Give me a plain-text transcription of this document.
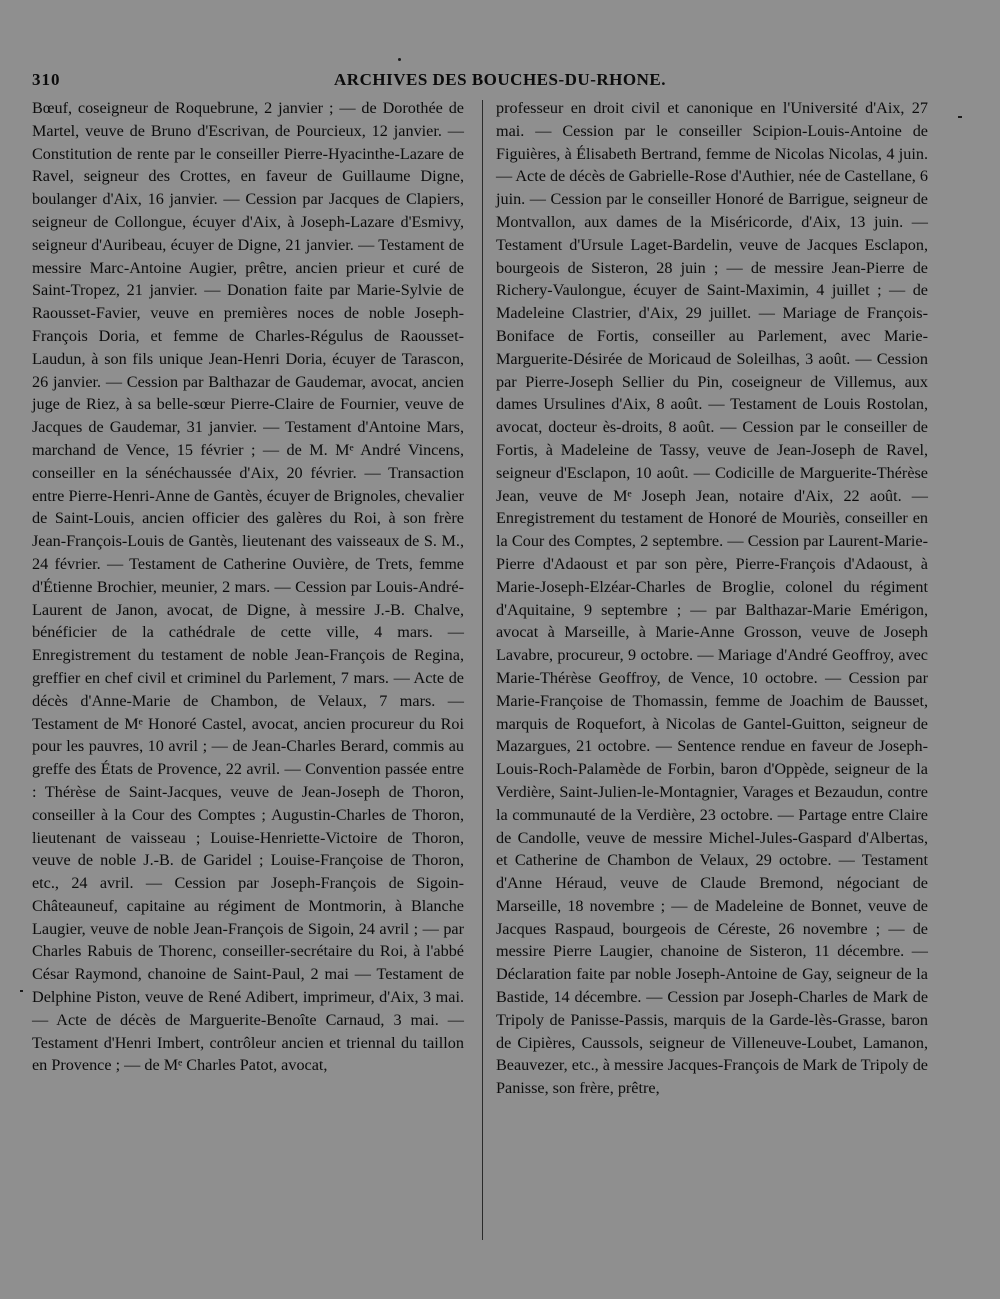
310	ARCHIVES DES BOUCHES-DU-RHONE.

Bœuf, coseigneur de Roquebrune, 2 janvier ; — de Dorothée de Martel, veuve de Bruno d'Escrivan, de Pourcieux, 12 janvier. — Constitution de rente par le conseiller Pierre-Hyacinthe-Lazare de Ravel, seigneur des Crottes, en faveur de Guillaume Digne, boulanger d'Aix, 16 janvier. — Cession par Jacques de Clapiers, seigneur de Collongue, écuyer d'Aix, à Joseph-Lazare d'Esmivy, seigneur d'Auribeau, écuyer de Digne, 21 janvier. — Testament de messire Marc-Antoine Augier, prêtre, ancien prieur et curé de Saint-Tropez, 21 janvier. — Donation faite par Marie-Sylvie de Raousset-Favier, veuve en premières noces de noble Joseph-François Doria, et femme de Charles-Régulus de Raousset-Laudun, à son fils unique Jean-Henri Doria, écuyer de Tarascon, 26 janvier. — Cession par Balthazar de Gaudemar, avocat, ancien juge de Riez, à sa belle-sœur Pierre-Claire de Fournier, veuve de Jacques de Gaudemar, 31 janvier. — Testament d'Antoine Mars, marchand de Vence, 15 février ; — de M. Mᵉ André Vincens, conseiller en la sénéchaussée d'Aix, 20 février. — Transaction entre Pierre-Henri-Anne de Gantès, écuyer de Brignoles, chevalier de Saint-Louis, ancien officier des galères du Roi, à son frère Jean-François-Louis de Gantès, lieutenant des vaisseaux de S. M., 24 février. — Testament de Catherine Ouvière, de Trets, femme d'Étienne Brochier, meunier, 2 mars. — Cession par Louis-André-Laurent de Janon, avocat, de Digne, à messire J.-B. Chalve, bénéficier de la cathédrale de cette ville, 4 mars. — Enregistrement du testament de noble Jean-François de Regina, greffier en chef civil et criminel du Parlement, 7 mars. — Acte de décès d'Anne-Marie de Chambon, de Velaux, 7 mars. — Testament de Mᵉ Honoré Castel, avocat, ancien procureur du Roi pour les pauvres, 10 avril ; — de Jean-Charles Berard, commis au greffe des États de Provence, 22 avril. — Convention passée entre : Thérèse de Saint-Jacques, veuve de Jean-Joseph de Thoron, conseiller à la Cour des Comptes ; Augustin-Charles de Thoron, lieutenant de vaisseau ; Louise-Henriette-Victoire de Thoron, veuve de noble J.-B. de Garidel ; Louise-Françoise de Thoron, etc., 24 avril. — Cession par Joseph-François de Sigoin-Châteauneuf, capitaine au régiment de Montmorin, à Blanche Laugier, veuve de noble Jean-François de Sigoin, 24 avril ; — par Charles Rabuis de Thorenc, conseiller-secrétaire du Roi, à l'abbé César Raymond, chanoine de Saint-Paul, 2 mai — Testament de Delphine Piston, veuve de René Adibert, imprimeur, d'Aix, 3 mai. — Acte de décès de Marguerite-Benoîte Carnaud, 3 mai. — Testament d'Henri Imbert, contrôleur ancien et triennal du taillon en Provence ; — de Mᵉ Charles Patot, avocat,

professeur en droit civil et canonique en l'Université d'Aix, 27 mai. — Cession par le conseiller Scipion-Louis-Antoine de Figuières, à Élisabeth Bertrand, femme de Nicolas Nicolas, 4 juin. — Acte de décès de Gabrielle-Rose d'Authier, née de Castellane, 6 juin. — Cession par le conseiller Honoré de Barrigue, seigneur de Montvallon, aux dames de la Miséricorde, d'Aix, 13 juin. — Testament d'Ursule Laget-Bardelin, veuve de Jacques Esclapon, bourgeois de Sisteron, 28 juin ; — de messire Jean-Pierre de Richery-Vaulongue, écuyer de Saint-Maximin, 4 juillet ; — de Madeleine Clastrier, d'Aix, 29 juillet. — Mariage de François-Boniface de Fortis, conseiller au Parlement, avec Marie-Marguerite-Désirée de Moricaud de Soleilhas, 3 août. — Cession par Pierre-Joseph Sellier du Pin, coseigneur de Villemus, aux dames Ursulines d'Aix, 8 août. — Testament de Louis Rostolan, avocat, docteur ès-droits, 8 août. — Cession par le conseiller de Fortis, à Madeleine de Tassy, veuve de Jean-Joseph de Ravel, seigneur d'Esclapon, 10 août. — Codicille de Marguerite-Thérèse Jean, veuve de Mᵉ Joseph Jean, notaire d'Aix, 22 août. — Enregistrement du testament de Honoré de Mouriès, conseiller en la Cour des Comptes, 2 septembre. — Cession par Laurent-Marie-Pierre d'Adaoust et par son père, Pierre-François d'Adaoust, à Marie-Joseph-Elzéar-Charles de Broglie, colonel du régiment d'Aquitaine, 9 septembre ; — par Balthazar-Marie Emérigon, avocat à Marseille, à Marie-Anne Grosson, veuve de Joseph Lavabre, procureur, 9 octobre. — Mariage d'André Geoffroy, avec Marie-Thérèse Geoffroy, de Vence, 10 octobre. — Cession par Marie-Françoise de Thomassin, femme de Joachim de Bausset, marquis de Roquefort, à Nicolas de Gantel-Guitton, seigneur de Mazargues, 21 octobre. — Sentence rendue en faveur de Joseph-Louis-Roch-Palamède de Forbin, baron d'Oppède, seigneur de la Verdière, Saint-Julien-le-Montagnier, Varages et Bezaudun, contre la communauté de la Verdière, 23 octobre. — Partage entre Claire de Candolle, veuve de messire Michel-Jules-Gaspard d'Albertas, et Catherine de Chambon de Velaux, 29 octobre. — Testament d'Anne Héraud, veuve de Claude Bremond, négociant de Marseille, 18 novembre ; — de Madeleine de Bonnet, veuve de Jacques Raspaud, bourgeois de Céreste, 26 novembre ; — de messire Pierre Laugier, chanoine de Sisteron, 11 décembre. — Déclaration faite par noble Joseph-Antoine de Gay, seigneur de la Bastide, 14 décembre. — Cession par Joseph-Charles de Mark de Tripoly de Panisse-Passis, marquis de la Garde-lès-Grasse, baron de Cipières, Caussols, seigneur de Villeneuve-Loubet, Lamanon, Beauvezer, etc., à messire Jacques-François de Mark de Tripoly de Panisse, son frère, prêtre,
